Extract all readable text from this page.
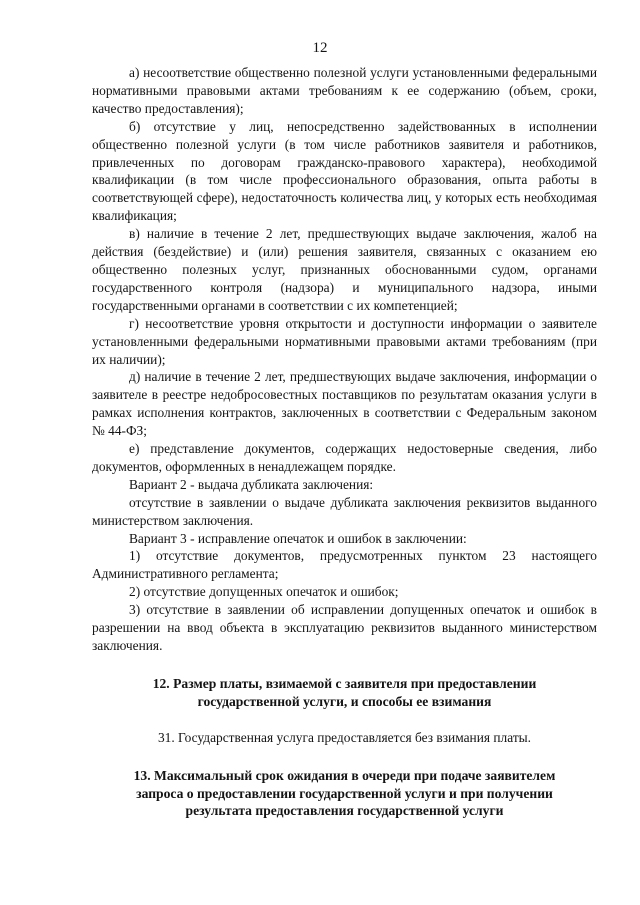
12

а) несоответствие общественно полезной услуги установленными федеральными нормативными правовыми актами требованиям к ее содержанию (объем, сроки, качество предоставления);

б) отсутствие у лиц, непосредственно задействованных в исполнении общественно полезной услуги (в том числе работников заявителя и работников, привлеченных по договорам гражданско-правового характера), необходимой квалификации (в том числе профессионального образования, опыта работы в соответствующей сфере), недостаточность количества лиц, у которых есть необходимая квалификация;

в) наличие в течение 2 лет, предшествующих выдаче заключения, жалоб на действия (бездействие) и (или) решения заявителя, связанных с оказанием ею общественно полезных услуг, признанных обоснованными судом, органами государственного контроля (надзора) и муниципального надзора, иными государственными органами в соответствии с их компетенцией;

г) несоответствие уровня открытости и доступности информации о заявителе установленными федеральными нормативными правовыми актами требованиям (при их наличии);

д) наличие в течение 2 лет, предшествующих выдаче заключения, информации о заявителе в реестре недобросовестных поставщиков по результатам оказания услуги в рамках исполнения контрактов, заключенных в соответствии с Федеральным законом № 44-ФЗ;

е) представление документов, содержащих недостоверные сведения, либо документов, оформленных в ненадлежащем порядке.

Вариант 2 - выдача дубликата заключения:

отсутствие в заявлении о выдаче дубликата заключения реквизитов выданного министерством заключения.

Вариант 3 - исправление опечаток и ошибок в заключении:

1) отсутствие документов, предусмотренных пунктом 23 настоящего Административного регламента;

2) отсутствие допущенных опечаток и ошибок;

3) отсутствие в заявлении об исправлении допущенных опечаток и ошибок в разрешении на ввод объекта в эксплуатацию реквизитов выданного министерством заключения.

12. Размер платы, взимаемой с заявителя при предоставлении

государственной услуги, и способы ее взимания

31. Государственная услуга предоставляется без взимания платы.

13. Максимальный срок ожидания в очереди при подаче заявителем

запроса о предоставлении государственной услуги и при получении

результата предоставления государственной услуги
